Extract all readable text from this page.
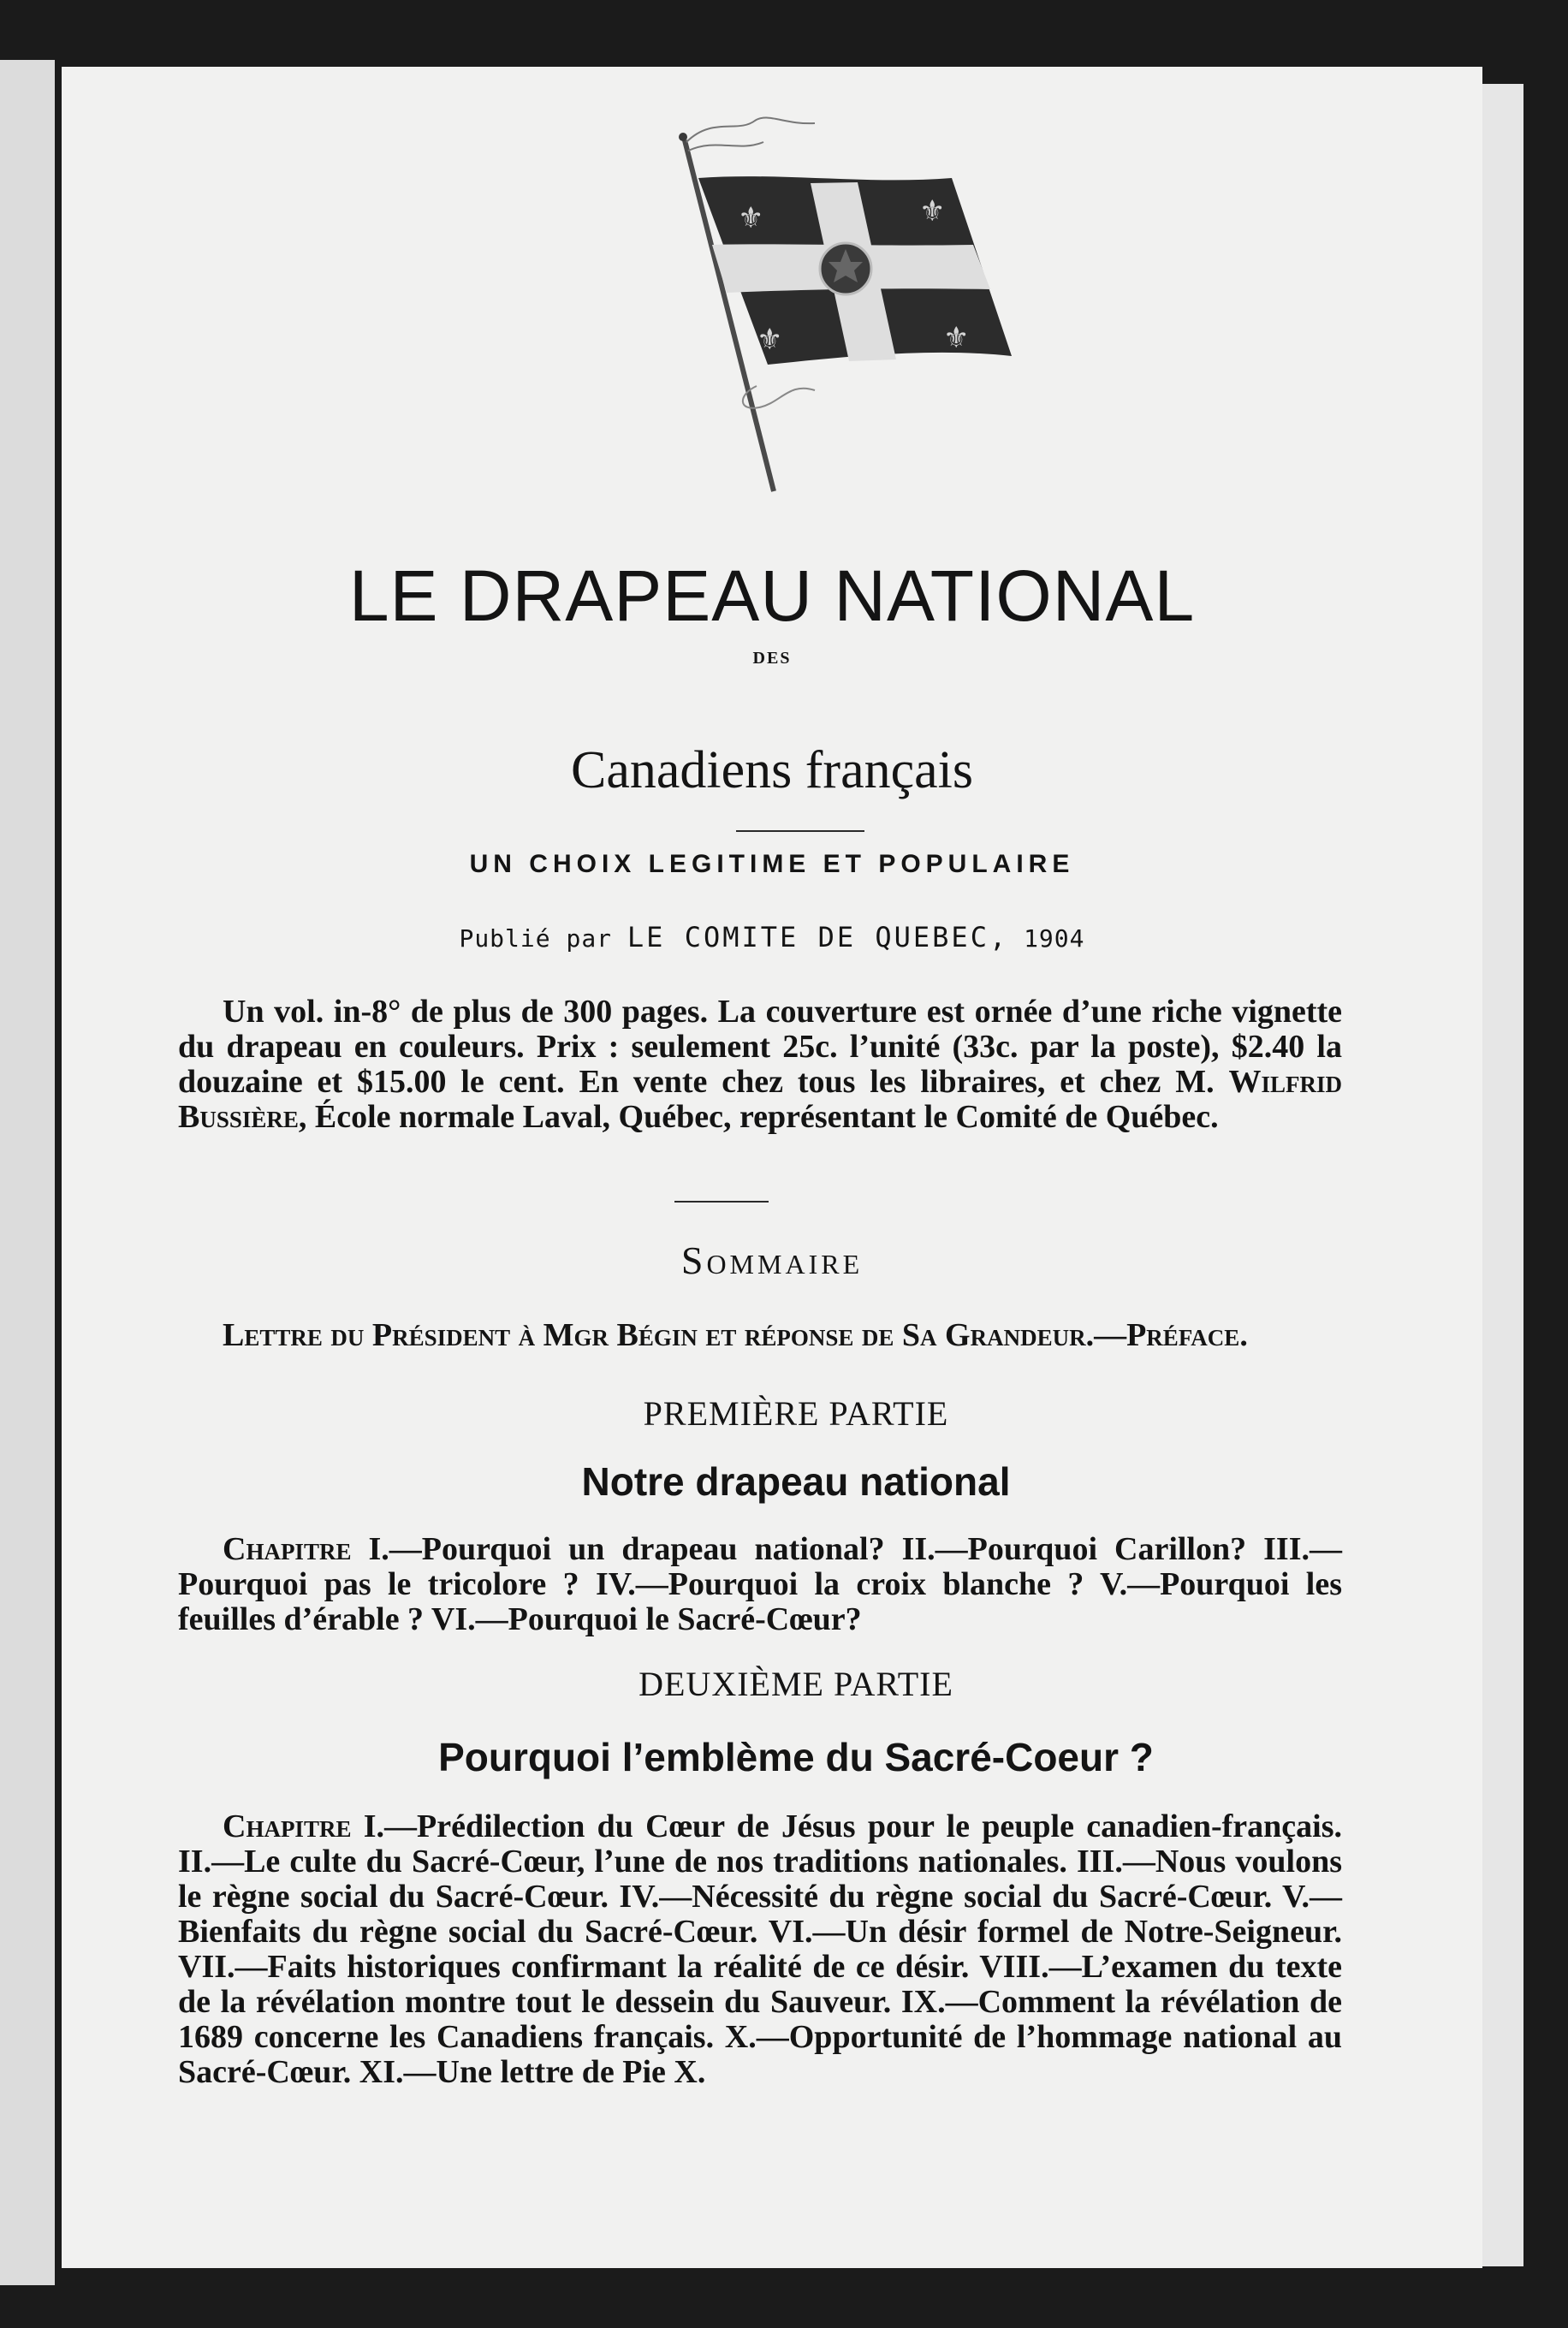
⚜	⚜
⚜	⚜
LE DRAPEAU NATIONAL
DES
Canadiens français
UN CHOIX LEGITIME ET POPULAIRE
Publié par LE COMITE DE QUEBEC, 1904

Un vol. in-8° de plus de 300 pages. La couverture est ornée d’une riche vignette du drapeau en couleurs. Prix : seulement 25c. l’unité (33c. par la poste), $2.40 la douzaine et $15.00 le cent. En vente chez tous les libraires, et chez M. Wilfrid Bussière, École normale Laval, Québec, représentant le Comité de Québec.

Sommaire

Lettre du Président à Mgr Bégin et réponse de Sa Grandeur.—Préface.

PREMIÈRE PARTIE
Notre drapeau national

Chapitre I.—Pourquoi un drapeau national? II.—Pourquoi Carillon? III.—Pourquoi pas le tricolore ? IV.—Pourquoi la croix blanche ? V.—Pourquoi les feuilles d’érable ? VI.—Pourquoi le Sacré-Cœur?

DEUXIÈME PARTIE
Pourquoi l’emblème du Sacré-Coeur ?

Chapitre I.—Prédilection du Cœur de Jésus pour le peuple canadien-français. II.—Le culte du Sacré-Cœur, l’une de nos traditions nationales. III.—Nous voulons le règne social du Sacré-Cœur. IV.—Nécessité du règne social du Sacré-Cœur. V.—Bienfaits du règne social du Sacré-Cœur. VI.—Un désir formel de Notre-Seigneur. VII.—Faits historiques confirmant la réalité de ce désir. VIII.—L’examen du texte de la révélation montre tout le dessein du Sauveur. IX.—Comment la révélation de 1689 concerne les Canadiens français. X.—Opportunité de l’hommage national au Sacré-Cœur. XI.—Une lettre de Pie X.
